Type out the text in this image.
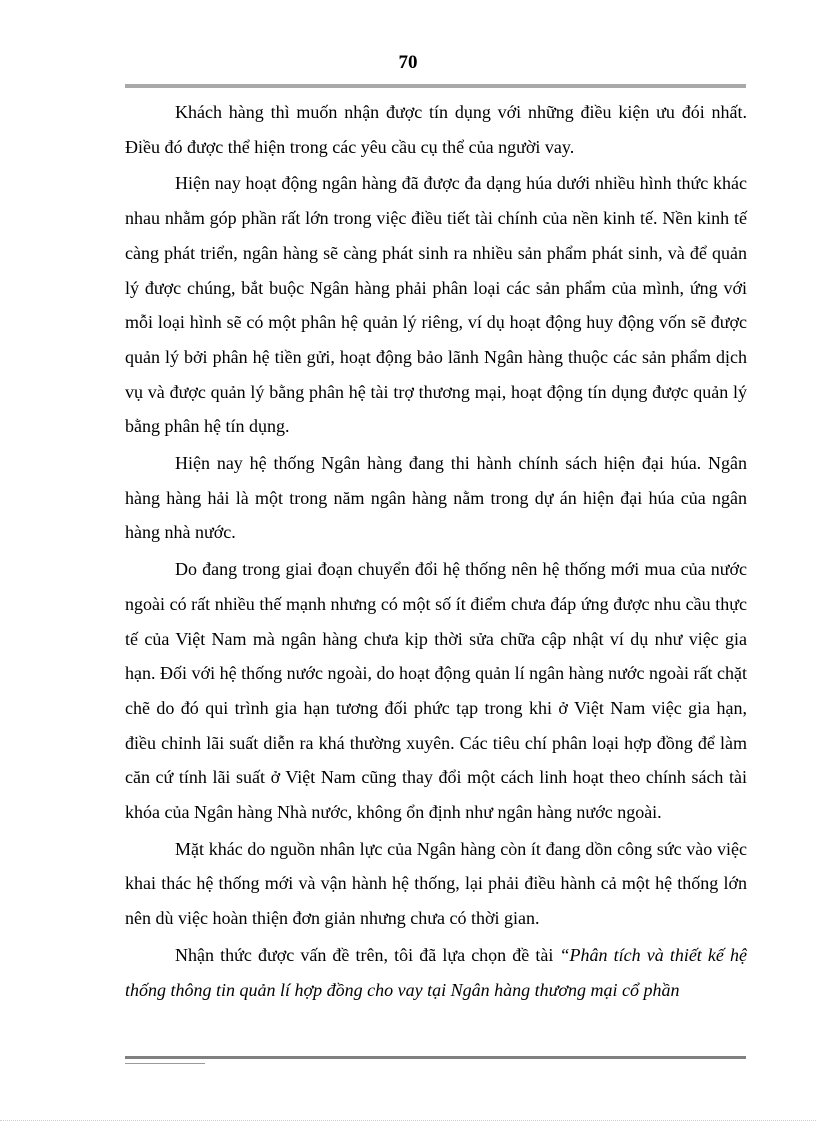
70

Khách hàng thì muốn nhận được tín dụng với những điều kiện ưu đói nhất. Điều đó được thể hiện trong các yêu cầu cụ thể của người vay.

Hiện nay hoạt động ngân hàng đã được đa dạng húa dưới nhiều hình thức khác nhau nhằm góp phần rất lớn trong việc điều tiết tài chính của nền kinh tế. Nền kinh tế càng phát triển, ngân hàng sẽ càng phát sinh ra nhiều sản phẩm phát sinh, và để quản lý được chúng, bắt buộc Ngân hàng phải phân loại các sản phẩm của mình, ứng với mỗi loại hình sẽ có một phân hệ quản lý riêng, ví dụ hoạt động huy động vốn sẽ được quản lý bởi phân hệ tiền gửi, hoạt động bảo lãnh Ngân hàng thuộc các sản phẩm dịch vụ và được quản lý bằng phân hệ tài trợ thương mại, hoạt động tín dụng được quản lý bằng phân hệ tín dụng.

Hiện nay hệ thống Ngân hàng đang thi hành chính sách hiện đại húa. Ngân hàng hàng hải là một trong năm ngân hàng nằm trong dự án hiện đại húa của ngân hàng nhà nước.

Do đang trong giai đoạn chuyển đổi hệ thống nên hệ thống mới mua của nước ngoài có rất nhiều thế mạnh nhưng có một số ít điểm chưa đáp ứng được nhu cầu thực tế của Việt Nam mà ngân hàng chưa kịp thời sửa chữa cập nhật ví dụ như việc gia hạn. Đối với hệ thống nước ngoài, do hoạt động quản lí ngân hàng nước ngoài rất chặt chẽ do đó qui trình gia hạn tương đối phức tạp trong khi ở Việt Nam việc gia hạn, điều chỉnh lãi suất diễn ra khá thường xuyên. Các tiêu chí phân loại hợp đồng để làm căn cứ tính lãi suất ở Việt Nam cũng thay đổi một cách linh hoạt theo chính sách tài khóa của Ngân hàng Nhà nước, không ổn định như ngân hàng nước ngoài.

Mặt khác do nguồn nhân lực của Ngân hàng còn ít đang dồn công sức vào việc khai thác hệ thống mới và vận hành hệ thống, lại phải điều hành cả một hệ thống lớn nên dù việc hoàn thiện đơn giản nhưng chưa có thời gian.

Nhận thức được vấn đề trên, tôi đã lựa chọn đề tài “Phân tích và thiết kế hệ thống thông tin quản lí hợp đồng cho vay tại Ngân hàng thương mại cổ phần
